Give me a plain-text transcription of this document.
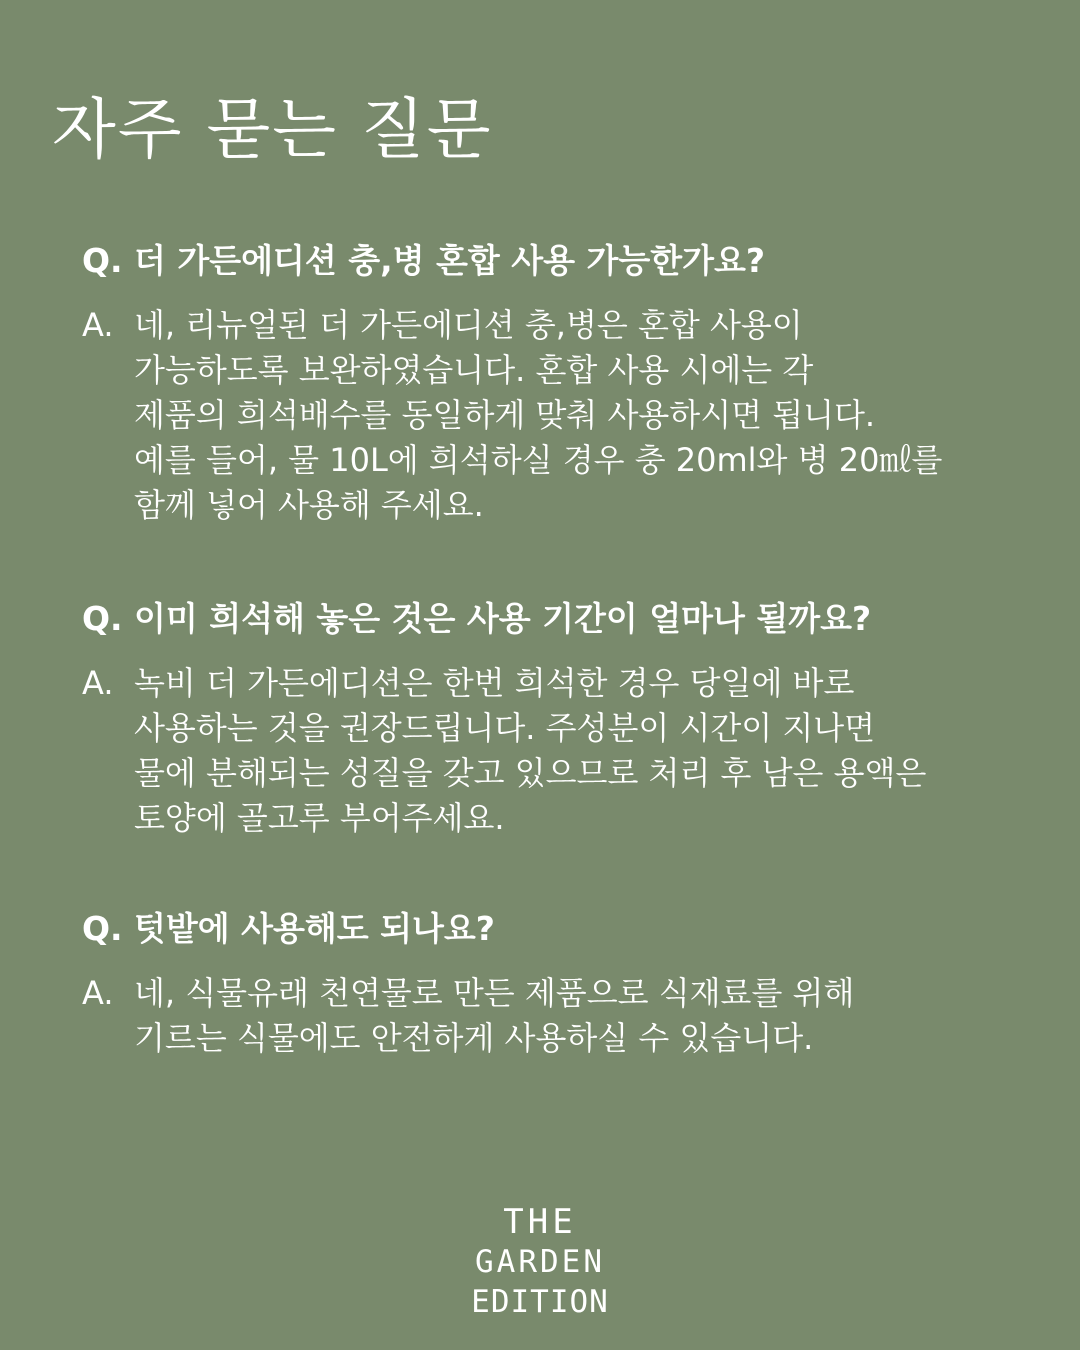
자주 묻는 질문
Q. 더 가든에디션 충,병 혼합 사용 가능한가요?
A. 네, 리뉴얼된 더 가든에디션 충,병은 혼합 사용이
가능하도록 보완하였습니다. 혼합 사용 시에는 각
제품의 희석배수를 동일하게 맞춰 사용하시면 됩니다.
예를 들어, 물 10L에 희석하실 경우 충 20ml와 병 20㎖를
함께 넣어 사용해 주세요.
Q. 이미 희석해 놓은 것은 사용 기간이 얼마나 될까요?
A. 녹비 더 가든에디션은 한번 희석한 경우 당일에 바로
사용하는 것을 권장드립니다. 주성분이 시간이 지나면
물에 분해되는 성질을 갖고 있으므로 처리 후 남은 용액은
토양에 골고루 부어주세요.
Q. 텃밭에 사용해도 되나요?
A. 네, 식물유래 천연물로 만든 제품으로 식재료를 위해
기르는 식물에도 안전하게 사용하실 수 있습니다.
THE
GARDEN
EDITION
